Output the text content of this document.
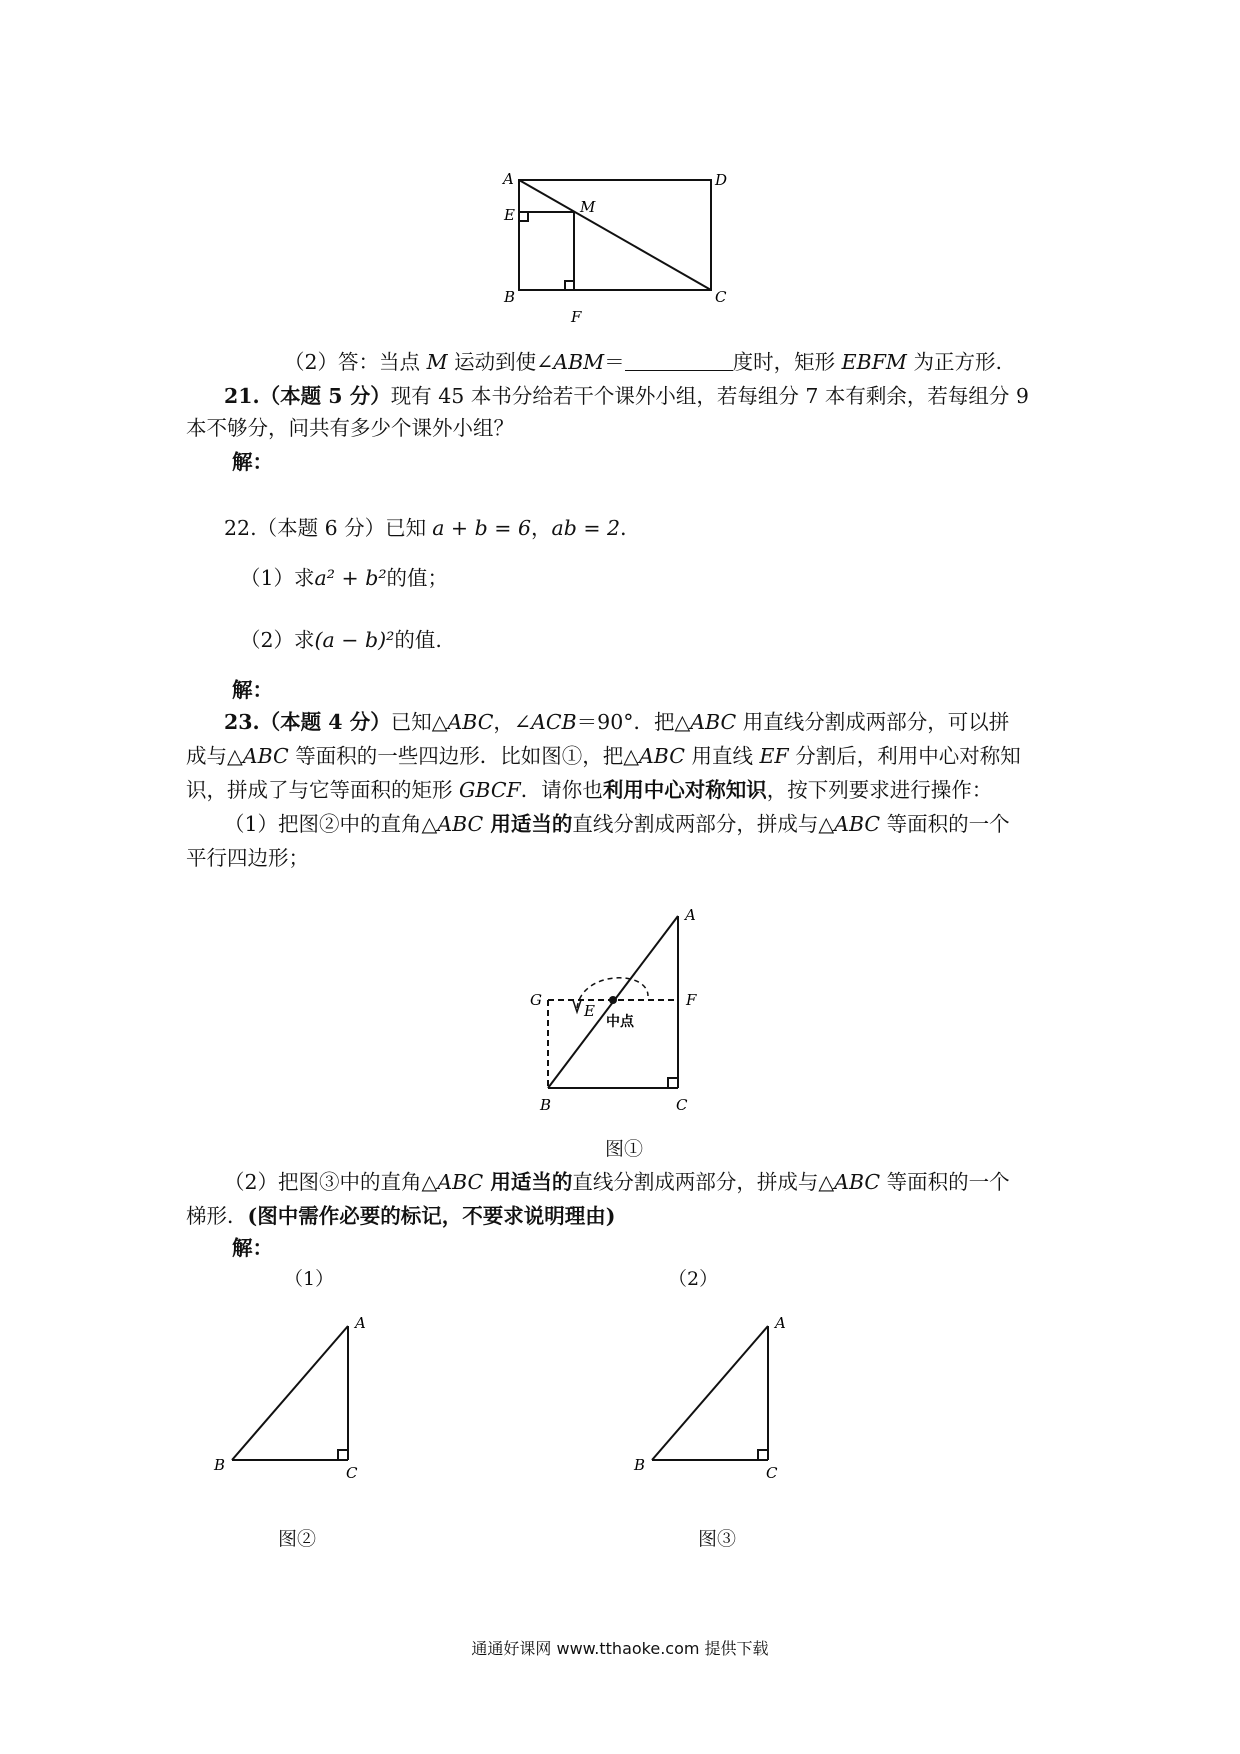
A	D
E	M
B
F
C
（2）答：当点 M 运动到使∠ABM＝	度时，矩形 EBFM 为正方形.
21.（本题 5 分）现有 45 本书分给若干个课外小组，若每组分 7 本有剩余，若每组分 9
本不够分，问共有多少个课外小组？
解：
22.（本题 6 分）已知 a + b = 6，ab = 2．
（1）求a² + b²的值；
（2）求(a − b)²的值.
解：
23.（本题 4 分）已知△ABC，∠ACB＝90°．把△ABC 用直线分割成两部分，可以拼
成与△ABC 等面积的一些四边形．比如图①，把△ABC 用直线 EF 分割后，利用中心对称知
识，拼成了与它等面积的矩形 GBCF．请你也利用中心对称知识，按下列要求进行操作：
（1）把图②中的直角△ABC 用适当的直线分割成两部分，拼成与△ABC 等面积的一个
平行四边形；
A
G
E
中点
F
B	C
图①
（2）把图③中的直角△ABC 用适当的直线分割成两部分，拼成与△ABC 等面积的一个
梯形．(图中需作必要的标记，不要求说明理由)
解：
（1）	（2）
A
B	C
图②
A
B	C
图③
通通好课网 www.tthaoke.com 提供下载
